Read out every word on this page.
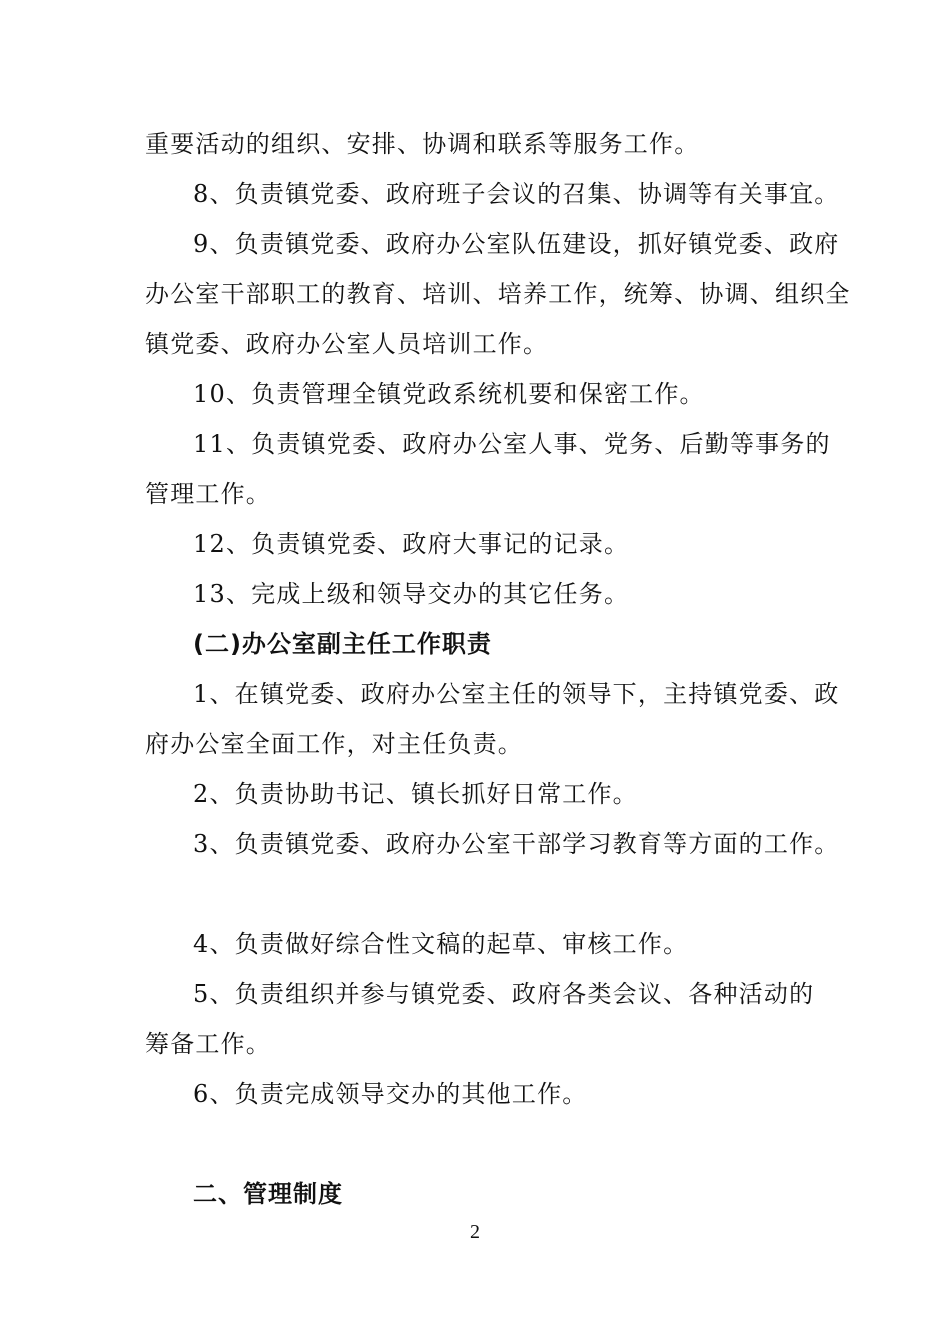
重要活动的组织、安排、协调和联系等服务工作。
8、负责镇党委、政府班子会议的召集、协调等有关事宜。
9、负责镇党委、政府办公室队伍建设，抓好镇党委、政府
办公室干部职工的教育、培训、培养工作，统筹、协调、组织全
镇党委、政府办公室人员培训工作。
10、负责管理全镇党政系统机要和保密工作。
11、负责镇党委、政府办公室人事、党务、后勤等事务的
管理工作。
12、负责镇党委、政府大事记的记录。
13、完成上级和领导交办的其它任务。
(二)办公室副主任工作职责
1、在镇党委、政府办公室主任的领导下，主持镇党委、政
府办公室全面工作，对主任负责。
2、负责协助书记、镇长抓好日常工作。
3、负责镇党委、政府办公室干部学习教育等方面的工作。
4、负责做好综合性文稿的起草、审核工作。
5、负责组织并参与镇党委、政府各类会议、各种活动的
筹备工作。
6、负责完成领导交办的其他工作。
二、管理制度
2
